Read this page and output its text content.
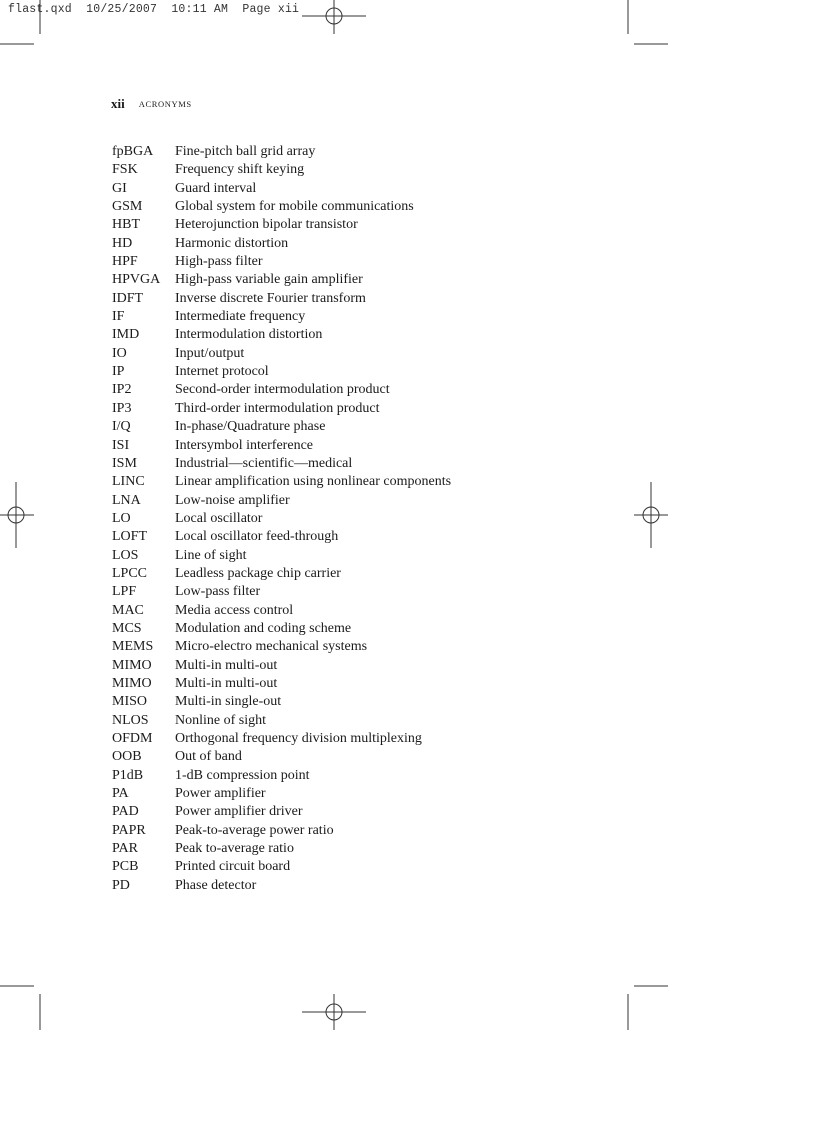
flast.qxd  10/25/2007  10:11 AM  Page xii
xii ACRONYMS
fpBGA	Fine-pitch ball grid array
FSK	Frequency shift keying
GI	Guard interval
GSM	Global system for mobile communications
HBT	Heterojunction bipolar transistor
HD	Harmonic distortion
HPF	High-pass filter
HPVGA	High-pass variable gain amplifier
IDFT	Inverse discrete Fourier transform
IF	Intermediate frequency
IMD	Intermodulation distortion
IO	Input/output
IP	Internet protocol
IP2	Second-order intermodulation product
IP3	Third-order intermodulation product
I/Q	In-phase/Quadrature phase
ISI	Intersymbol interference
ISM	Industrial—scientific—medical
LINC	Linear amplification using nonlinear components
LNA	Low-noise amplifier
LO	Local oscillator
LOFT	Local oscillator feed-through
LOS	Line of sight
LPCC	Leadless package chip carrier
LPF	Low-pass filter
MAC	Media access control
MCS	Modulation and coding scheme
MEMS	Micro-electro mechanical systems
MIMO	Multi-in multi-out
MIMO	Multi-in multi-out
MISO	Multi-in single-out
NLOS	Nonline of sight
OFDM	Orthogonal frequency division multiplexing
OOB	Out of band
P1dB	1-dB compression point
PA	Power amplifier
PAD	Power amplifier driver
PAPR	Peak-to-average power ratio
PAR	Peak to-average ratio
PCB	Printed circuit board
PD	Phase detector
